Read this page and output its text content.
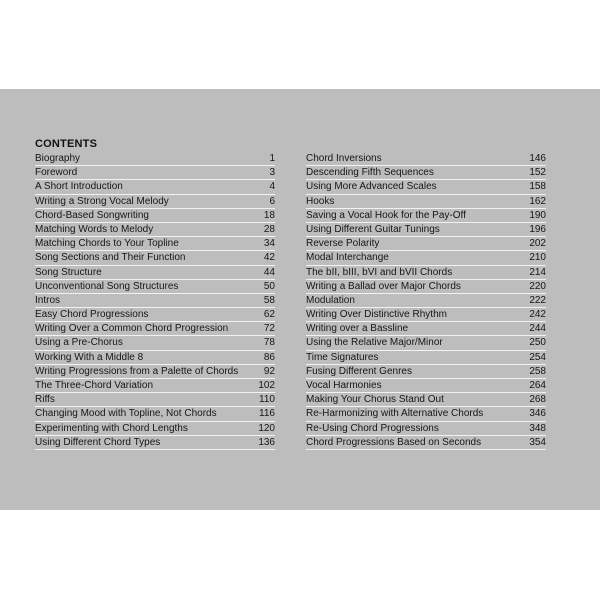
CONTENTS
Biography	1
Foreword	3
A Short Introduction	4
Writing a Strong Vocal Melody	6
Chord-Based Songwriting	18
Matching Words to Melody	28
Matching Chords to Your Topline	34
Song Sections and Their Function	42
Song Structure	44
Unconventional Song Structures	50
Intros	58
Easy Chord Progressions	62
Writing Over a Common Chord Progression	72
Using a Pre-Chorus	78
Working With a Middle 8	86
Writing Progressions from a Palette of Chords	92
The Three-Chord Variation	102
Riffs	110
Changing Mood with Topline, Not Chords	116
Experimenting with Chord Lengths	120
Using Different Chord Types	136
Chord Inversions	146
Descending Fifth Sequences	152
Using More Advanced Scales	158
Hooks	162
Saving a Vocal Hook for the Pay-Off	190
Using Different Guitar Tunings	196
Reverse Polarity	202
Modal Interchange	210
The bII, bIII, bVI and bVII Chords	214
Writing a Ballad over Major Chords	220
Modulation	222
Writing Over Distinctive Rhythm	242
Writing over a Bassline	244
Using the Relative Major/Minor	250
Time Signatures	254
Fusing Different Genres	258
Vocal Harmonies	264
Making Your Chorus Stand Out	268
Re-Harmonizing with Alternative Chords	346
Re-Using Chord Progressions	348
Chord Progressions Based on Seconds	354
